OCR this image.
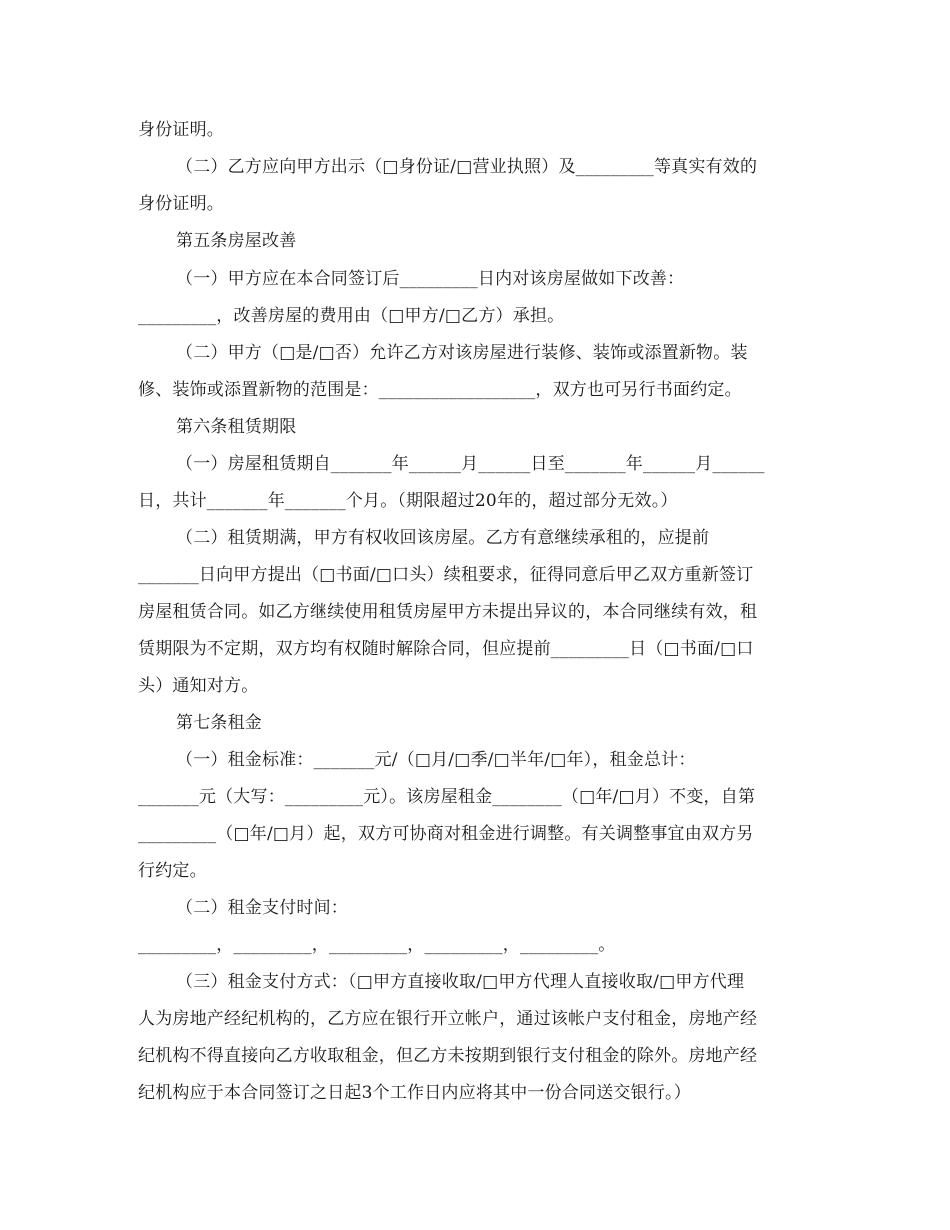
身份证明。
（二）乙方应向甲方出示（□身份证/□营业执照）及_________等真实有效的
身份证明。
第五条房屋改善
（一）甲方应在本合同签订后_________日内对该房屋做如下改善：
_________，改善房屋的费用由（□甲方/□乙方）承担。
（二）甲方（□是/□否）允许乙方对该房屋进行装修、装饰或添置新物。装
修、装饰或添置新物的范围是：__________________，双方也可另行书面约定。
第六条租赁期限
（一）房屋租赁期自_______年______月______日至_______年______月______
日，共计_______年_______个月。（期限超过20年的，超过部分无效。）
（二）租赁期满，甲方有权收回该房屋。乙方有意继续承租的，应提前
_______日向甲方提出（□书面/□口头）续租要求，征得同意后甲乙双方重新签订
房屋租赁合同。如乙方继续使用租赁房屋甲方未提出异议的，本合同继续有效，租
赁期限为不定期，双方均有权随时解除合同，但应提前_________日（□书面/□口
头）通知对方。
第七条租金
（一）租金标准：_______元/（□月/□季/□半年/□年），租金总计：
_______元（大写：_________元）。该房屋租金________（□年/□月）不变，自第
_________（□年/□月）起，双方可协商对租金进行调整。有关调整事宜由双方另
行约定。
（二）租金支付时间：
_________，_________，_________，_________，_________。
（三）租金支付方式：（□甲方直接收取/□甲方代理人直接收取/□甲方代理
人为房地产经纪机构的，乙方应在银行开立帐户，通过该帐户支付租金，房地产经
纪机构不得直接向乙方收取租金，但乙方未按期到银行支付租金的除外。房地产经
纪机构应于本合同签订之日起3个工作日内应将其中一份合同送交银行。）
